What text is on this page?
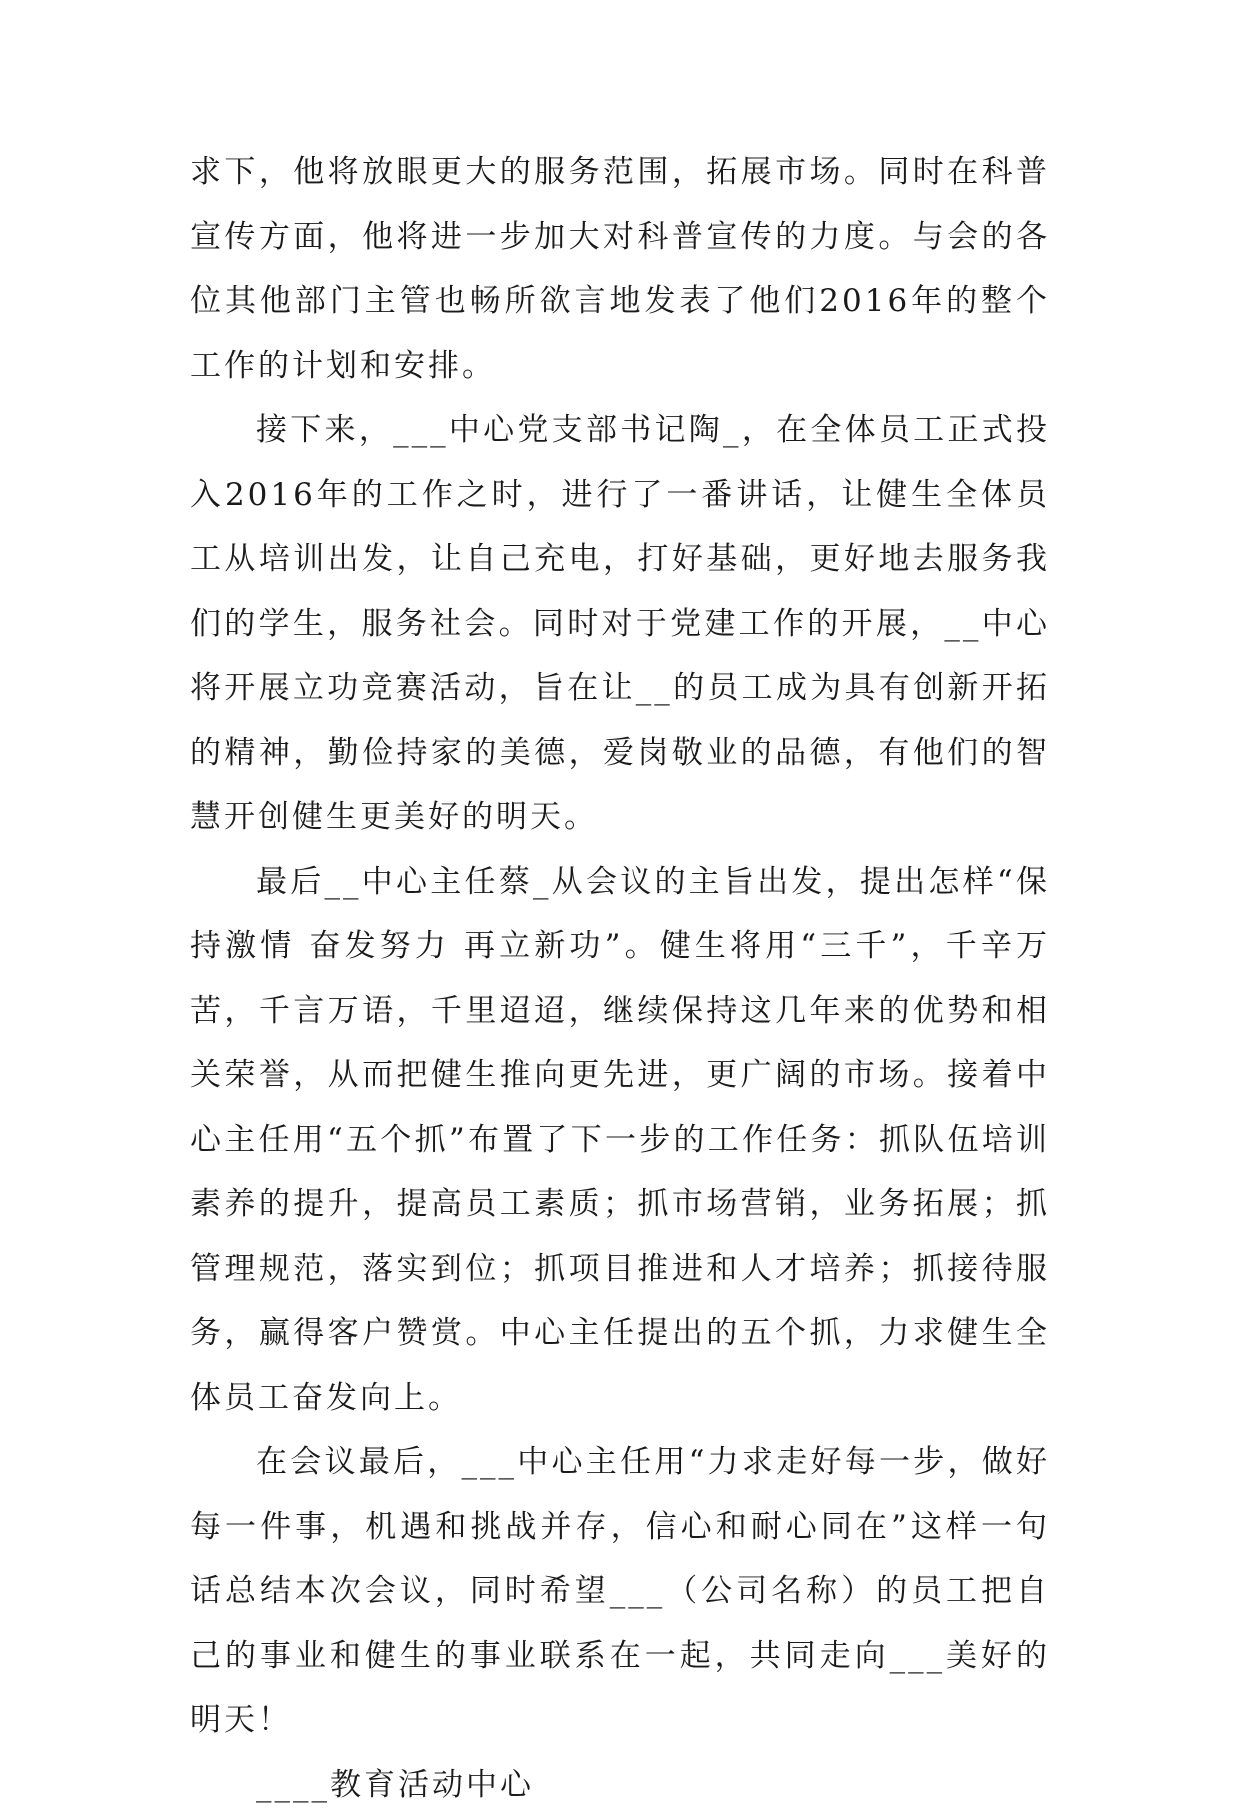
求下，他将放眼更大的服务范围，拓展市场。同时在科普宣传方面，他将进一步加大对科普宣传的力度。与会的各位其他部门主管也畅所欲言地发表了他们2016年的整个工作的计划和安排。

接下来，___中心党支部书记陶_，在全体员工正式投入2016年的工作之时，进行了一番讲话，让健生全体员工从培训出发，让自己充电，打好基础，更好地去服务我们的学生，服务社会。同时对于党建工作的开展，__中心将开展立功竞赛活动，旨在让__的员工成为具有创新开拓的精神，勤俭持家的美德，爱岗敬业的品德，有他们的智慧开创健生更美好的明天。

最后__中心主任蔡_从会议的主旨出发，提出怎样“保持激情 奋发努力 再立新功”。健生将用“三千”，千辛万苦，千言万语，千里迢迢，继续保持这几年来的优势和相关荣誉，从而把健生推向更先进，更广阔的市场。接着中心主任用“五个抓”布置了下一步的工作任务：抓队伍培训素养的提升，提高员工素质；抓市场营销，业务拓展；抓管理规范，落实到位；抓项目推进和人才培养；抓接待服务，赢得客户赞赏。中心主任提出的五个抓，力求健生全体员工奋发向上。

在会议最后，___中心主任用“力求走好每一步，做好每一件事，机遇和挑战并存，信心和耐心同在”这样一句话总结本次会议，同时希望___（公司名称）的员工把自己的事业和健生的事业联系在一起，共同走向___美好的明天！

____教育活动中心
